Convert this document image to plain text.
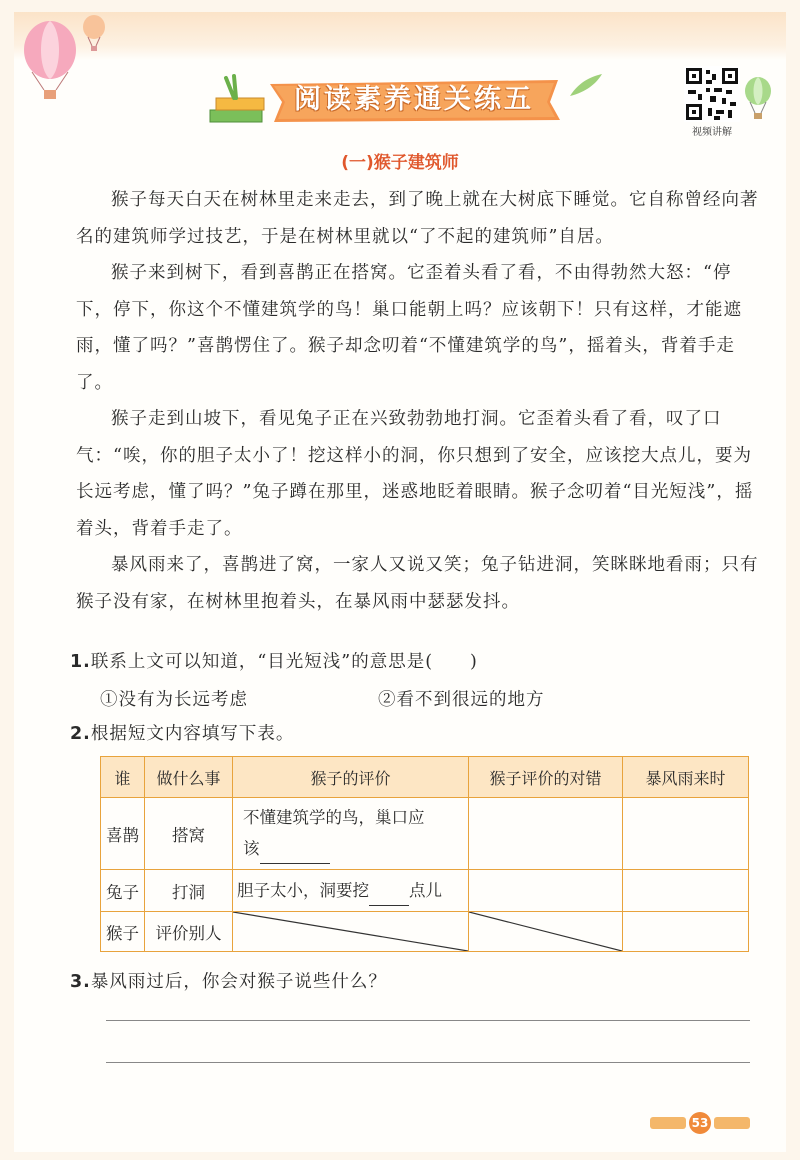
阅读素养通关练五
视频讲解
(一)猴子建筑师

猴子每天白天在树林里走来走去，到了晚上就在大树底下睡觉。它自称曾经向著名的建筑师学过技艺，于是在树林里就以“了不起的建筑师”自居。

猴子来到树下，看到喜鹊正在搭窝。它歪着头看了看，不由得勃然大怒：“停下，停下，你这个不懂建筑学的鸟！巢口能朝上吗？应该朝下！只有这样，才能遮雨，懂了吗？”喜鹊愣住了。猴子却念叨着“不懂建筑学的鸟”，摇着头，背着手走了。

猴子走到山坡下，看见兔子正在兴致勃勃地打洞。它歪着头看了看，叹了口气：“唉，你的胆子太小了！挖这样小的洞，你只想到了安全，应该挖大点儿，要为长远考虑，懂了吗？”兔子蹲在那里，迷惑地眨着眼睛。猴子念叨着“目光短浅”，摇着头，背着手走了。

暴风雨来了，喜鹊进了窝，一家人又说又笑；兔子钻进洞，笑眯眯地看雨；只有猴子没有家，在树林里抱着头，在暴风雨中瑟瑟发抖。

1.联系上文可以知道，“目光短浅”的意思是(　　)
①没有为长远考虑	②看不到很远的地方
2.根据短文内容填写下表。
谁	做什么事	猴子的评价	猴子评价的对错	暴风雨来时
喜鹊	搭窝	不懂建筑学的鸟，巢口应
该		
兔子	打洞	胆子太小，洞要挖 点儿		
猴子	评价别人	

3.暴风雨过后，你会对猴子说些什么？
53
